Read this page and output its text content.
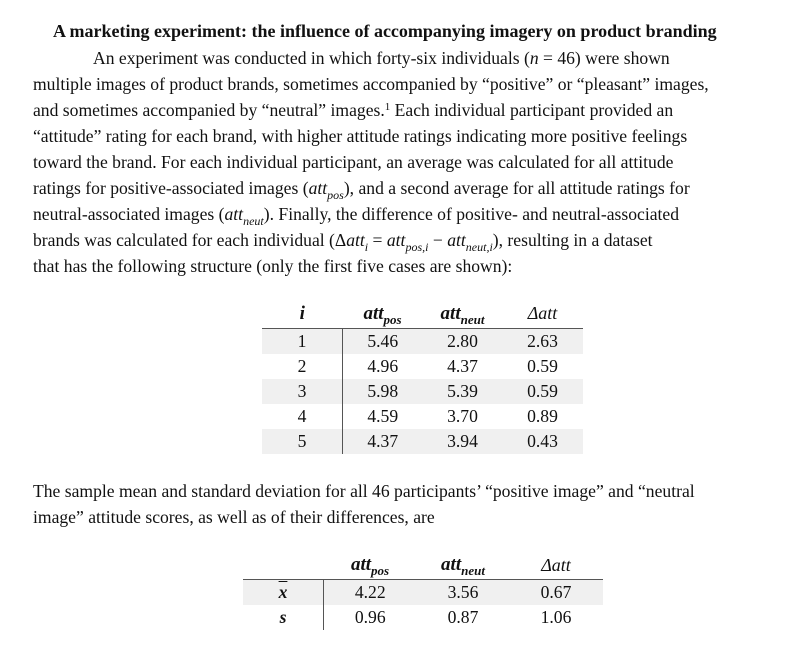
A marketing experiment: the influence of accompanying imagery on product branding
An experiment was conducted in which forty-six individuals (n = 46) were shown
multiple images of product brands, sometimes accompanied by “positive” or “pleasant” images,
and sometimes accompanied by “neutral” images.$^1$ Each individual participant provided an
“attitude” rating for each brand, with higher attitude ratings indicating more positive feelings
toward the brand. For each individual participant, an average was calculated for all attitude
ratings for positive-associated images (att$_{pos}$), and a second average for all attitude ratings for
neutral-associated images (att$_{neut}$). Finally, the difference of positive- and neutral-associated
brands was calculated for each individual (Δatt$_i$ = att$_{pos,i}$ − att$_{neut,i}$), resulting in a dataset
that has the following structure (only the first five cases are shown):
i	att$_{pos}$	att$_{neut}$	Δatt
1	5.46	2.80	2.63
2	4.96	4.37	0.59
3	5.98	5.39	0.59
4	4.59	3.70	0.89
5	4.37	3.94	0.43
The sample mean and standard deviation for all 46 participants’ “positive image” and “neutral
image” attitude scores, as well as of their differences, are
	att$_{pos}$	att$_{neut}$	Δatt
$\overline{x}$	4.22	3.56	0.67
s	0.96	0.87	1.06
